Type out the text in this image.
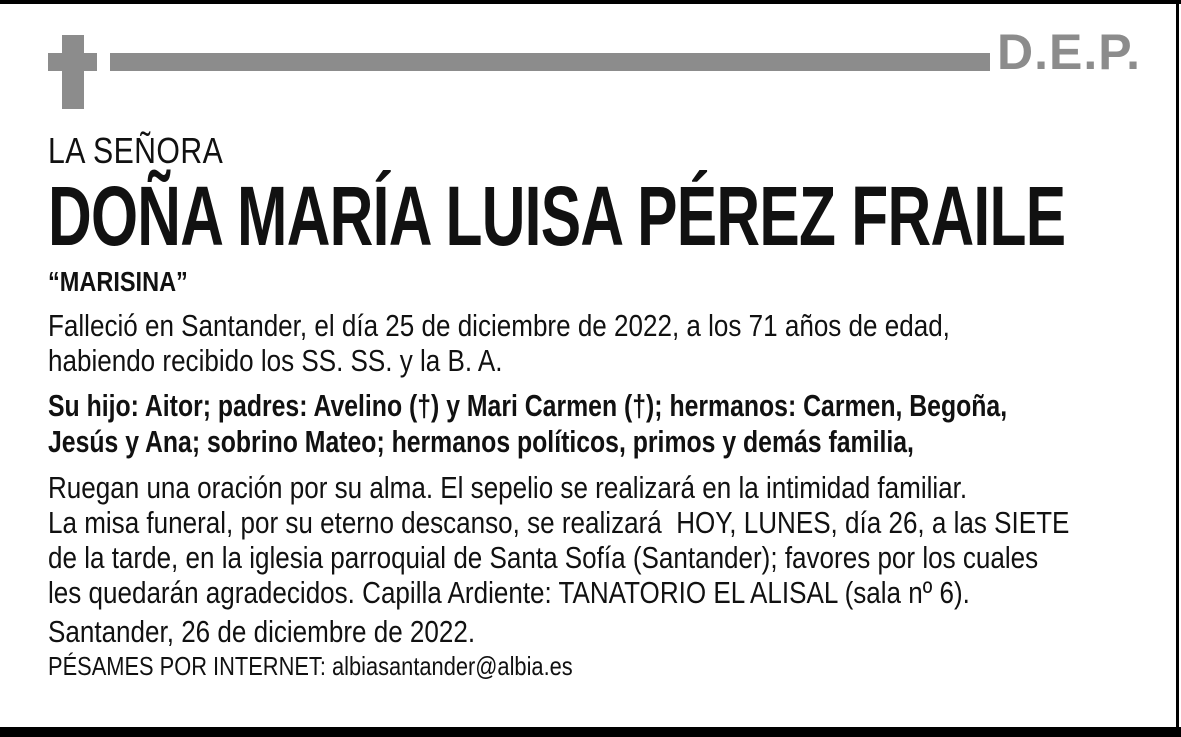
D.E.P.
LA SEÑORA
DOÑA MARÍA LUISA PÉREZ FRAILE
“MARISINA”
Falleció en Santander, el día 25 de diciembre de 2022, a los 71 años de edad,
habiendo recibido los SS. SS. y la B. A.
Su hijo: Aitor; padres: Avelino (†) y Mari Carmen (†); hermanos: Carmen, Begoña,
Jesús y Ana; sobrino Mateo; hermanos políticos, primos y demás familia,
Ruegan una oración por su alma. El sepelio se realizará en la intimidad familiar.
La misa funeral, por su eterno descanso, se realizará  HOY, LUNES, día 26, a las SIETE
de la tarde, en la iglesia parroquial de Santa Sofía (Santander); favores por los cuales
les quedarán agradecidos. Capilla Ardiente: TANATORIO EL ALISAL (sala nº 6).
Santander, 26 de diciembre de 2022.
PÉSAMES POR INTERNET: albiasantander@albia.es
